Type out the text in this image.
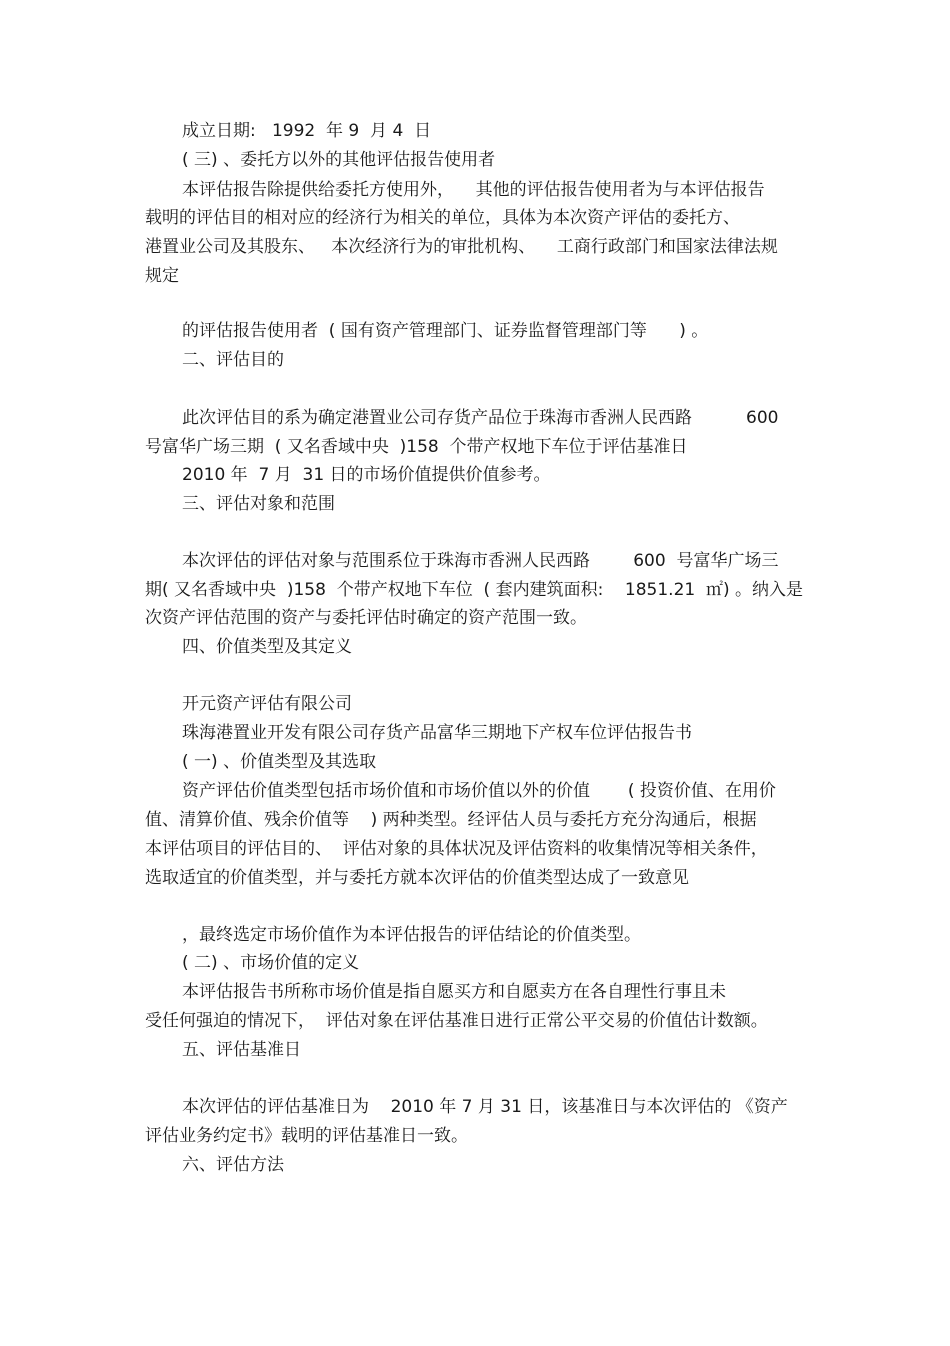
成立日期:   1992  年 9  月 4  日
( 三) 、委托方以外的其他评估报告使用者
本评估报告除提供给委托方使用外，    其他的评估报告使用者为与本评估报告
载明的评估目的相对应的经济行为相关的单位，具体为本次资产评估的委托方、
港置业公司及其股东、   本次经济行为的审批机构、    工商行政部门和国家法律法规
规定
的评估报告使用者  ( 国有资产管理部门、证券监督管理部门等      ) 。
二、评估目的
此次评估目的系为确定港置业公司存货产品位于珠海市香洲人民西路          600
号富华广场三期  ( 又名香域中央  )158  个带产权地下车位于评估基准日
2010 年  7 月  31 日的市场价值提供价值参考。
三、评估对象和范围
本次评估的评估对象与范围系位于珠海市香洲人民西路        600  号富华广场三
期( 又名香域中央  )158  个带产权地下车位  ( 套内建筑面积:    1851.21  ㎡) 。纳入是
次资产评估范围的资产与委托评估时确定的资产范围一致。
四、价值类型及其定义
开元资产评估有限公司
珠海港置业开发有限公司存货产品富华三期地下产权车位评估报告书
( 一) 、价值类型及其选取
资产评估价值类型包括市场价值和市场价值以外的价值       ( 投资价值、在用价
值、清算价值、残余价值等    ) 两种类型。经评估人员与委托方充分沟通后，根据
本评估项目的评估目的、  评估对象的具体状况及评估资料的收集情况等相关条件，
选取适宜的价值类型，并与委托方就本次评估的价值类型达成了一致意见
，最终选定市场价值作为本评估报告的评估结论的价值类型。
( 二) 、市场价值的定义
本评估报告书所称市场价值是指自愿买方和自愿卖方在各自理性行事且未
受任何强迫的情况下，  评估对象在评估基准日进行正常公平交易的价值估计数额。
五、评估基准日
本次评估的评估基准日为    2010 年 7 月 31 日，该基准日与本次评估的 《资产
评估业务约定书》载明的评估基准日一致。
六、评估方法
